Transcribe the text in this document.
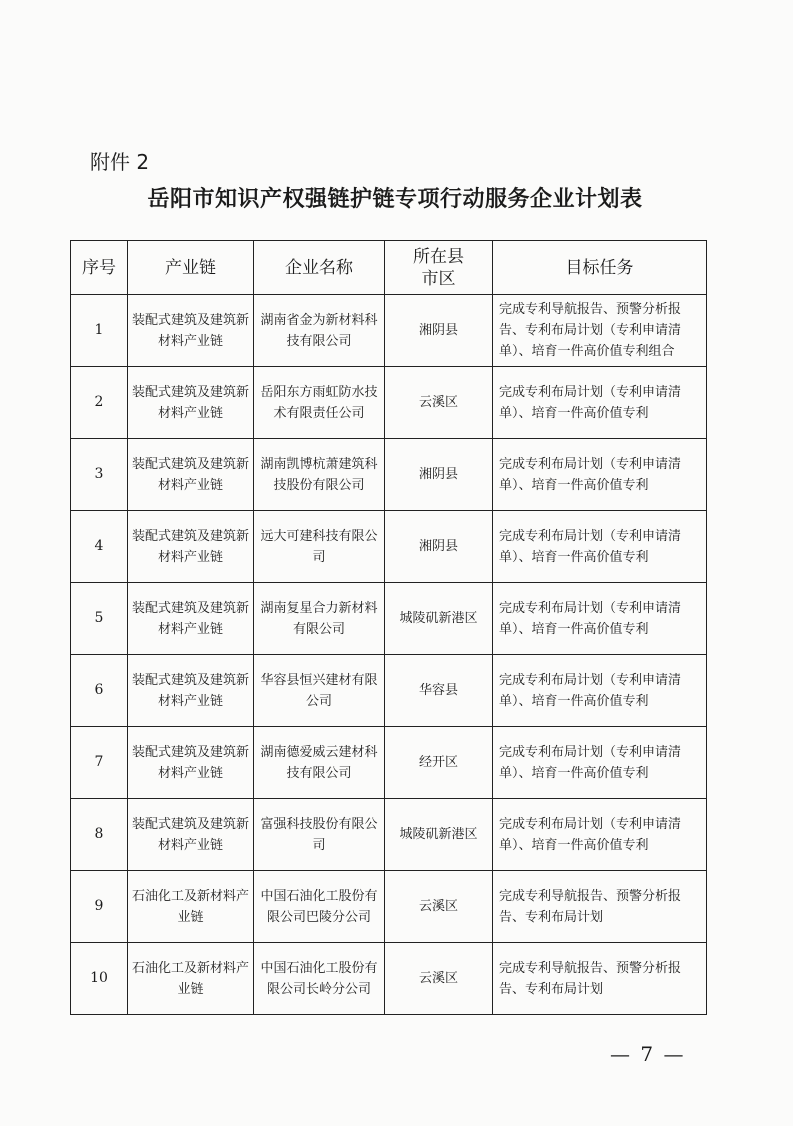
附件 2
岳阳市知识产权强链护链专项行动服务企业计划表
序号	产业链	企业名称	所在县市区	目标任务
1	装配式建筑及建筑新材料产业链	湖南省金为新材料科技有限公司	湘阴县	完成专利导航报告、预警分析报告、专利布局计划（专利申请清单）、培育一件高价值专利组合
2	装配式建筑及建筑新材料产业链	岳阳东方雨虹防水技术有限责任公司	云溪区	完成专利布局计划（专利申请清单）、培育一件高价值专利
3	装配式建筑及建筑新材料产业链	湖南凯博杭萧建筑科技股份有限公司	湘阴县	完成专利布局计划（专利申请清单）、培育一件高价值专利
4	装配式建筑及建筑新材料产业链	远大可建科技有限公司	湘阴县	完成专利布局计划（专利申请清单）、培育一件高价值专利
5	装配式建筑及建筑新材料产业链	湖南复星合力新材料有限公司	城陵矶新港区	完成专利布局计划（专利申请清单）、培育一件高价值专利
6	装配式建筑及建筑新材料产业链	华容县恒兴建材有限公司	华容县	完成专利布局计划（专利申请清单）、培育一件高价值专利
7	装配式建筑及建筑新材料产业链	湖南德爱威云建材科技有限公司	经开区	完成专利布局计划（专利申请清单）、培育一件高价值专利
8	装配式建筑及建筑新材料产业链	富强科技股份有限公司	城陵矶新港区	完成专利布局计划（专利申请清单）、培育一件高价值专利
9	石油化工及新材料产业链	中国石油化工股份有限公司巴陵分公司	云溪区	完成专利导航报告、预警分析报告、专利布局计划
10	石油化工及新材料产业链	中国石油化工股份有限公司长岭分公司	云溪区	完成专利导航报告、预警分析报告、专利布局计划
— 7 —
